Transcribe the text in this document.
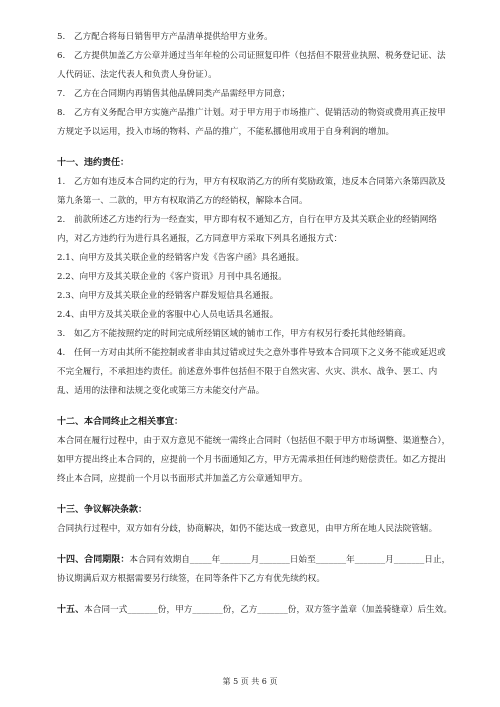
5.　乙方配合将每日销售甲方产品清单提供给甲方业务。
6.　乙方提供加盖乙方公章并通过当年年检的公司证照复印件（包括但不限营业执照、税务登记证、法人代码证、法定代表人和负责人身份证）。
7.　乙方在合同期内再销售其他品牌同类产品需经甲方同意；
8.　乙方有义务配合甲方实施产品推广计划。对于甲方用于市场推广、促销活动的物资或费用真正按甲方规定予以运用，投入市场的物料、产品的推广，不能私挪他用或用于自身利润的增加。
十一、违约责任：
1.　乙方如有违反本合同约定的行为，甲方有权取消乙方的所有奖励政策，违反本合同第六条第四款及第九条第一、二款的，甲方有权取消乙方的经销权，解除本合同。
2.　前款所述乙方违约行为一经查实，甲方即有权不通知乙方，自行在甲方及其关联企业的经销网络内，对乙方违约行为进行具名通报，乙方同意甲方采取下列具名通报方式：
2.1、向甲方及其关联企业的经销客户发《告客户函》具名通报。
2.2、向甲方及其关联企业的《客户资讯》月刊中具名通报。
2.3、向甲方及其关联企业的经销客户群发短信具名通报。
2.4、由甲方及其关联企业的客服中心人员电话具名通报。
3.　如乙方不能按照约定的时间完成所经销区域的铺市工作，甲方有权另行委托其他经销商。
4.　任何一方对由其所不能控制或者非由其过错或过失之意外事件导致本合同项下之义务不能或延迟或不完全履行，不承担违约责任。前述意外事件包括但不限于自然灾害、火灾、洪水、战争、罢工、内乱、适用的法律和法规之变化或第三方未能交付产品。
十二、本合同终止之相关事宜：
本合同在履行过程中，由于双方意见不能统一需终止合同时（包括但不限于甲方市场调整、渠道整合），如甲方提出终止本合同的，应提前一个月书面通知乙方，甲方无需承担任何违约赔偿责任。如乙方提出终止本合同，应提前一个月以书面形式并加盖乙方公章通知甲方。
十三、争议解决条款：
合同执行过程中，双方如有分歧，协商解决，如仍不能达成一致意见，由甲方所在地人民法院管辖。
十四、合同期限：本合同有效期自_____年_______月_______日始至_______年_______月_______日止，协议期满后双方根据需要另行续签，在同等条件下乙方有优先续约权。
十五、本合同一式_______份，甲方_______份，乙方_______份，双方签字盖章（加盖骑缝章）后生效。
第 5 页 共 6 页
